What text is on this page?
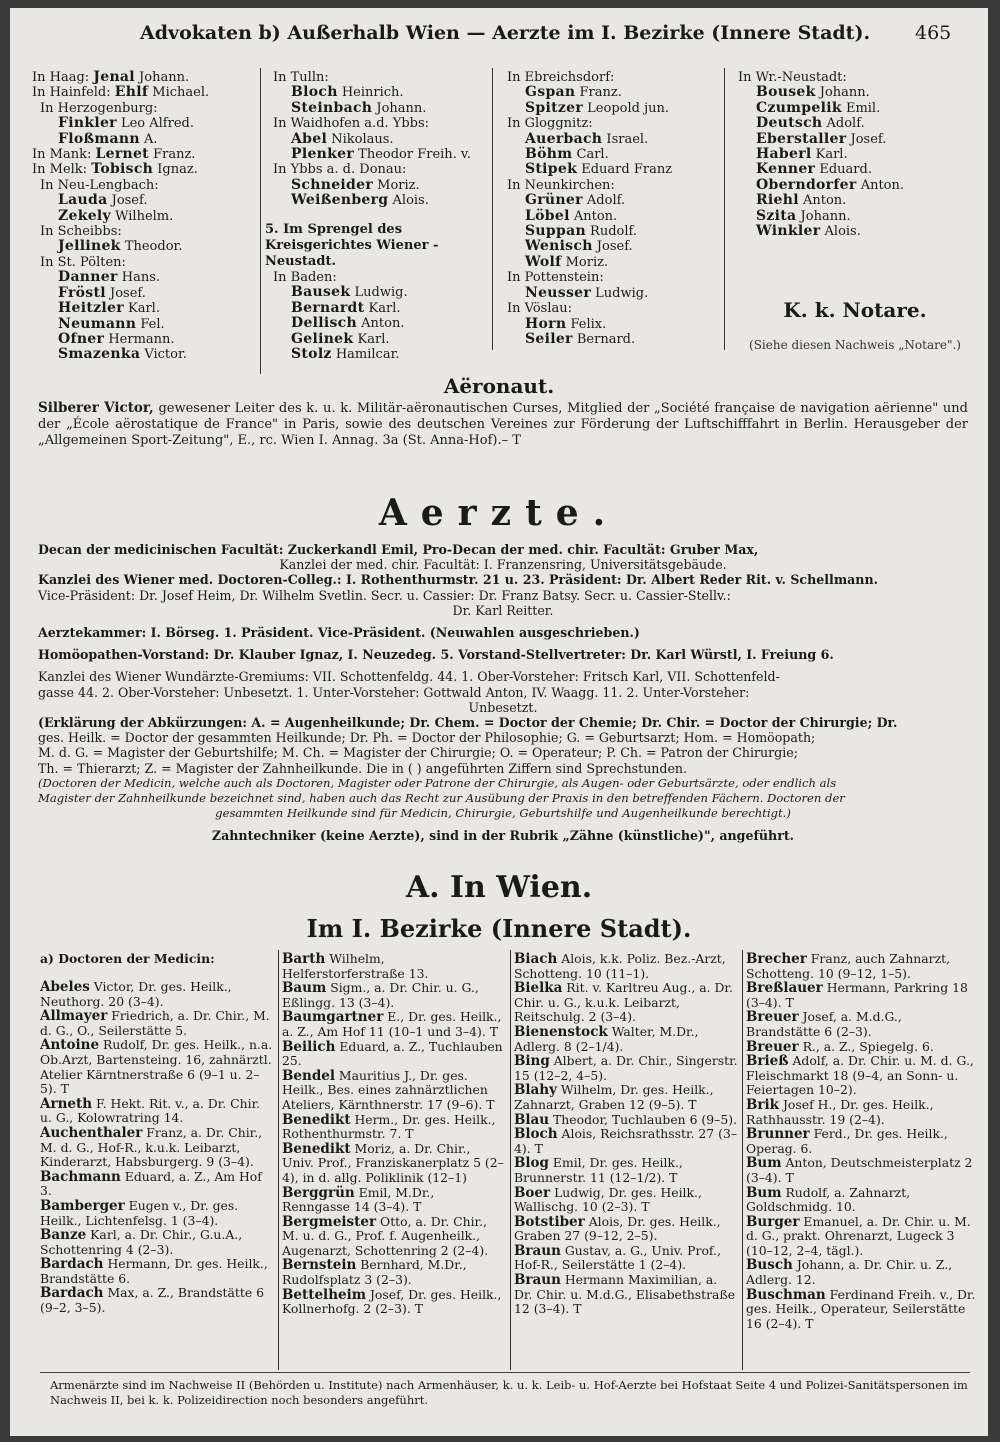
Advokaten b) Außerhalb Wien — Aerzte im I. Bezirke (Innere Stadt). 465
In Haag: Jenal Johann.
In Hainfeld: Ehlf Michael.
In Herzogenburg:
Finkler Leo Alfred.
Floßmann A.
In Mank: Lernet Franz.
In Melk: Tobisch Ignaz.
In Neu-Lengbach:
Lauda Josef.
Zekely Wilhelm.
In Scheibbs:
Jellinek Theodor.
In St. Pölten:
Danner Hans.
Fröstl Josef.
Heitzler Karl.
Neumann Fel.
Ofner Hermann.
Smazenka Victor.
In Tulln:
Bloch Heinrich.
Steinbach Johann.
In Waidhofen a.d. Ybbs:
Abel Nikolaus.
Plenker Theodor Freih. v.
In Ybbs a. d. Donau:
Schneider Moriz.
Weißenberg Alois.
5. Im Sprengel des Kreisgerichtes Wiener - Neustadt.
In Baden:
Bausek Ludwig.
Bernardt Karl.
Dellisch Anton.
Gelinek Karl.
Stolz Hamilcar.
In Ebreichsdorf:
Gspan Franz.
Spitzer Leopold jun.
In Gloggnitz:
Auerbach Israel.
Böhm Carl.
Stipek Eduard Franz
In Neunkirchen:
Grüner Adolf.
Löbel Anton.
Suppan Rudolf.
Wenisch Josef.
Wolf Moriz.
In Pottenstein:
Neusser Ludwig.
In Vöslau:
Horn Felix.
Seiler Bernard.
In Wr.-Neustadt:
Bousek Johann.
Czumpelik Emil.
Deutsch Adolf.
Eberstaller Josef.
Haberl Karl.
Kenner Eduard.
Oberndorfer Anton.
Riehl Anton.
Szita Johann.
Winkler Alois.
K. k. Notare.
(Siehe diesen Nachweis „Notare".)
Aëronaut.
Silberer Victor, gewesener Leiter des k. u. k. Militär-aëronautischen Curses, Mitglied der „Société française de navigation aërienne" und der „École aërostatique de France" in Paris, sowie des deutschen Vereines zur Förderung der Luftschifffahrt in Berlin. Herausgeber der „Allgemeinen Sport-Zeitung", E., rc. Wien I. Annag. 3a (St. Anna-Hof).– T
Aerzte.
Decan der medicinischen Facultät: Zuckerkandl Emil, Pro-Decan der med. chir. Facultät: Gruber Max,
Kanzlei der med. chir. Facultät: I. Franzensring, Universitätsgebäude.
Kanzlei des Wiener med. Doctoren-Colleg.: I. Rothenthurmstr. 21 u. 23. Präsident: Dr. Albert Reder Rit. v. Schellmann.
Vice-Präsident: Dr. Josef Heim, Dr. Wilhelm Svetlin. Secr. u. Cassier: Dr. Franz Batsy. Secr. u. Cassier-Stellv.:
Dr. Karl Reitter.
Aerztekammer: I. Börseg. 1. Präsident. Vice-Präsident. (Neuwahlen ausgeschrieben.)
Homöopathen-Vorstand: Dr. Klauber Ignaz, I. Neuzedeg. 5. Vorstand-Stellvertreter: Dr. Karl Würstl, I. Freiung 6.
Kanzlei des Wiener Wundärzte-Gremiums: VII. Schottenfeldg. 44. 1. Ober-Vorsteher: Fritsch Karl, VII. Schottenfeld-
gasse 44. 2. Ober-Vorsteher: Unbesetzt. 1. Unter-Vorsteher: Gottwald Anton, IV. Waagg. 11. 2. Unter-Vorsteher:
Unbesetzt.
(Erklärung der Abkürzungen: A. = Augenheilkunde; Dr. Chem. = Doctor der Chemie; Dr. Chir. = Doctor der Chirurgie; Dr.
ges. Heilk. = Doctor der gesammten Heilkunde; Dr. Ph. = Doctor der Philosophie; G. = Geburtsarzt; Hom. = Homöopath;
M. d. G. = Magister der Geburtshilfe; M. Ch. = Magister der Chirurgie; O. = Operateur; P. Ch. = Patron der Chirurgie;
Th. = Thierarzt; Z. = Magister der Zahnheilkunde. Die in ( ) angeführten Ziffern sind Sprechstunden.
(Doctoren der Medicin, welche auch als Doctoren, Magister oder Patrone der Chirurgie, als Augen- oder Geburtsärzte, oder endlich als
Magister der Zahnheilkunde bezeichnet sind, haben auch das Recht zur Ausübung der Praxis in den betreffenden Fächern. Doctoren der
gesammten Heilkunde sind für Medicin, Chirurgie, Geburtshilfe und Augenheilkunde berechtigt.)
Zahntechniker (keine Aerzte), sind in der Rubrik „Zähne (künstliche)", angeführt.
A. In Wien.
Im I. Bezirke (Innere Stadt).
a) Doctoren der Medicin:
Abeles Victor, Dr. ges. Heilk., Neuthorg. 20 (3–4).
Allmayer Friedrich, a. Dr. Chir., M. d. G., O., Seilerstätte 5.
Antoine Rudolf, Dr. ges. Heilk., n.a. Ob.Arzt, Bartensteing. 16, zahnärztl. Atelier Kärntnerstraße 6 (9–1 u. 2–5). T
Arneth F. Hekt. Rit. v., a. Dr. Chir. u. G., Kolowratring 14.
Auchenthaler Franz, a. Dr. Chir., M. d. G., Hof-R., k.u.k. Leibarzt, Kinderarzt, Habsburgerg. 9 (3–4).
Bachmann Eduard, a. Z., Am Hof 3.
Bamberger Eugen v., Dr. ges. Heilk., Lichtenfelsg. 1 (3–4).
Banze Karl, a. Dr. Chir., G.u.A., Schottenring 4 (2–3).
Bardach Hermann, Dr. ges. Heilk., Brandstätte 6.
Bardach Max, a. Z., Brandstätte 6 (9–2, 3–5).
Barth Wilhelm, Helferstorferstraße 13.
Baum Sigm., a. Dr. Chir. u. G., Eßlingg. 13 (3–4).
Baumgartner E., Dr. ges. Heilk., a. Z., Am Hof 11 (10–1 und 3–4). T
Beilich Eduard, a. Z., Tuchlauben 25.
Bendel Mauritius J., Dr. ges. Heilk., Bes. eines zahnärztlichen Ateliers, Kärnthnerstr. 17 (9–6). T
Benedikt Herm., Dr. ges. Heilk., Rothenthurmstr. 7. T
Benedikt Moriz, a. Dr. Chir., Univ. Prof., Franziskanerplatz 5 (2–4), in d. allg. Poliklinik (12–1)
Berggrün Emil, M.Dr., Renngasse 14 (3–4). T
Bergmeister Otto, a. Dr. Chir., M. u. d. G., Prof. f. Augenheilk., Augenarzt, Schottenring 2 (2–4).
Bernstein Bernhard, M.Dr., Rudolfsplatz 3 (2–3).
Bettelheim Josef, Dr. ges. Heilk., Kollnerhofg. 2 (2–3). T
Biach Alois, k.k. Poliz. Bez.-Arzt, Schotteng. 10 (11–1).
Bielka Rit. v. Karltreu Aug., a. Dr. Chir. u. G., k.u.k. Leibarzt, Reitschulg. 2 (3–4).
Bienenstock Walter, M.Dr., Adlerg. 8 (2–1/4).
Bing Albert, a. Dr. Chir., Singerstr. 15 (12–2, 4–5).
Blahy Wilhelm, Dr. ges. Heilk., Zahnarzt, Graben 12 (9–5). T
Blau Theodor, Tuchlauben 6 (9–5).
Bloch Alois, Reichsrathsstr. 27 (3–4). T
Blog Emil, Dr. ges. Heilk., Brunnerstr. 11 (12–1/2). T
Boer Ludwig, Dr. ges. Heilk., Wallischg. 10 (2–3). T
Botstiber Alois, Dr. ges. Heilk., Graben 27 (9–12, 2–5).
Braun Gustav, a. G., Univ. Prof., Hof-R., Seilerstätte 1 (2–4).
Braun Hermann Maximilian, a. Dr. Chir. u. M.d.G., Elisabethstraße 12 (3–4). T
Brecher Franz, auch Zahnarzt, Schotteng. 10 (9–12, 1–5).
Breßlauer Hermann, Parkring 18 (3–4). T
Breuer Josef, a. M.d.G., Brandstätte 6 (2–3).
Breuer R., a. Z., Spiegelg. 6.
Brieß Adolf, a. Dr. Chir. u. M. d. G., Fleischmarkt 18 (9–4, an Sonn- u. Feiertagen 10–2).
Brik Josef H., Dr. ges. Heilk., Rathhausstr. 19 (2–4).
Brunner Ferd., Dr. ges. Heilk., Operag. 6.
Bum Anton, Deutschmeisterplatz 2 (3–4). T
Bum Rudolf, a. Zahnarzt, Goldschmidg. 10.
Burger Emanuel, a. Dr. Chir. u. M. d. G., prakt. Ohrenarzt, Lugeck 3 (10–12, 2–4, tägl.).
Busch Johann, a. Dr. Chir. u. Z., Adlerg. 12.
Buschman Ferdinand Freih. v., Dr. ges. Heilk., Operateur, Seilerstätte 16 (2–4). T
Armenärzte sind im Nachweise II (Behörden u. Institute) nach Armenhäuser, k. u. k. Leib- u. Hof-Aerzte bei Hofstaat Seite 4 und Polizei-Sanitätspersonen im Nachweis II, bei k. k. Polizeidirection noch besonders angeführt.
